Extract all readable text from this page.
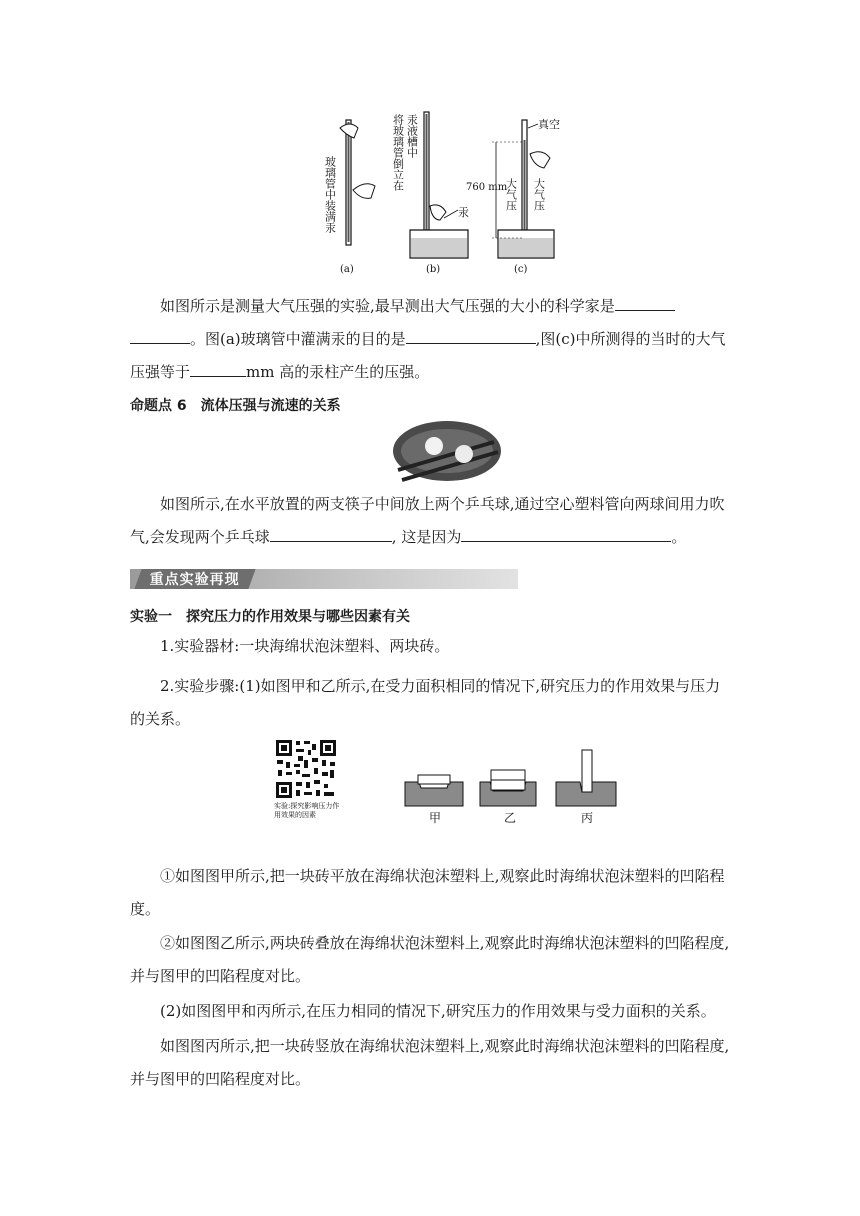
(a)
玻璃管中装满汞	汞
(b)
将玻璃管倒立在 汞液槽中	真空
760 mm
大气压 大气压
(c)

如图所示是测量大气压强的实验,最早测出大气压强的大小的科学家是
。图(a)玻璃管中灌满汞的目的是	,图(c)中所测得的当时的大气
压强等于	mm 高的汞柱产生的压强。

命题点 6　流体压强与流速的关系

如图所示,在水平放置的两支筷子中间放上两个乒乓球,通过空心塑料管向两球间用力吹
气,会发现两个乒乓球	, 这是因为	。

重点实验再现
实验一　探究压力的作用效果与哪些因素有关

1.实验器材:一块海绵状泡沫塑料、两块砖。

2.实验步骤:(1)如图甲和乙所示,在受力面积相同的情况下,研究压力的作用效果与压力
的关系。

实验:探究影响压力作用效果的因素	甲	乙	丙

①如图图甲所示,把一块砖平放在海绵状泡沫塑料上,观察此时海绵状泡沫塑料的凹陷程
度。

②如图图乙所示,两块砖叠放在海绵状泡沫塑料上,观察此时海绵状泡沫塑料的凹陷程度,
并与图甲的凹陷程度对比。

(2)如图图甲和丙所示,在压力相同的情况下,研究压力的作用效果与受力面积的关系。

如图图丙所示,把一块砖竖放在海绵状泡沫塑料上,观察此时海绵状泡沫塑料的凹陷程度,
并与图甲的凹陷程度对比。
